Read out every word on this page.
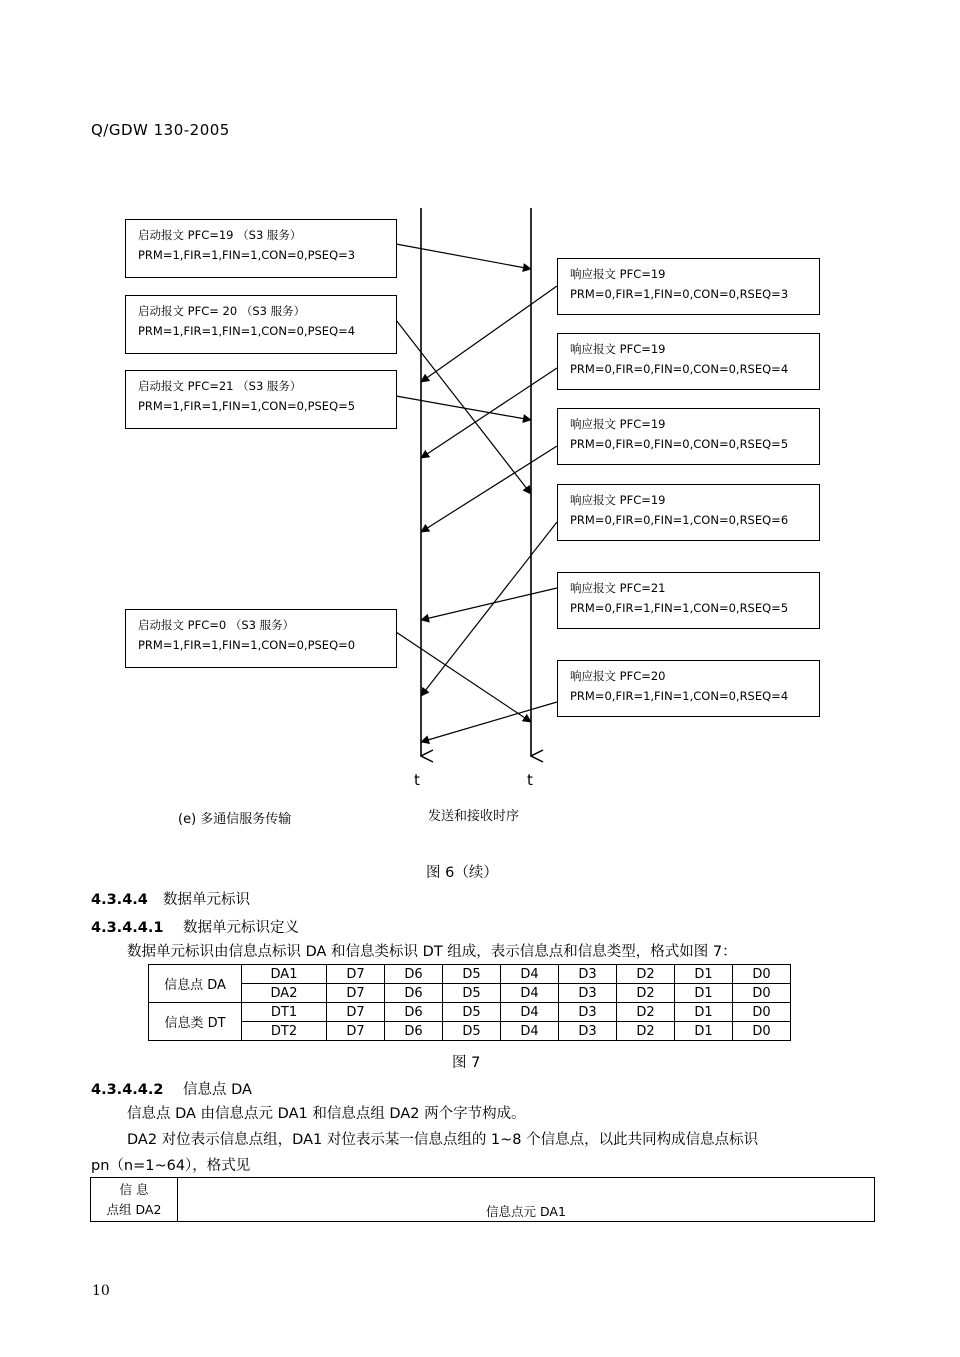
Q/GDW 130-2005
启动报文 PFC=19 （S3 服务）
PRM=1,FIR=1,FIN=1,CON=0,PSEQ=3
启动报文 PFC= 20 （S3 服务）
PRM=1,FIR=1,FIN=1,CON=0,PSEQ=4
启动报文 PFC=21 （S3 服务）
PRM=1,FIR=1,FIN=1,CON=0,PSEQ=5
启动报文 PFC=0 （S3 服务）
PRM=1,FIR=1,FIN=1,CON=0,PSEQ=0
响应报文 PFC=19
PRM=0,FIR=1,FIN=0,CON=0,RSEQ=3
响应报文 PFC=19
PRM=0,FIR=0,FIN=0,CON=0,RSEQ=4
响应报文 PFC=19
PRM=0,FIR=0,FIN=0,CON=0,RSEQ=5
响应报文 PFC=19
PRM=0,FIR=0,FIN=1,CON=0,RSEQ=6
响应报文 PFC=21
PRM=0,FIR=1,FIN=1,CON=0,RSEQ=5
响应报文 PFC=20
PRM=0,FIR=1,FIN=1,CON=0,RSEQ=4
t	t
(e) 多通信服务传输	发送和接收时序
图 6（续）
4.3.4.4 数据单元标识
4.3.4.4.1 数据单元标识定义
数据单元标识由信息点标识 DA 和信息类标识 DT 组成，表示信息点和信息类型，格式如图 7：
信息点 DA	DA1	D7	D6	D5	D4	D3	D2	D1	D0
	DA2	D7	D6	D5	D4	D3	D2	D1	D0
信息类 DT	DT1	D7	D6	D5	D4	D3	D2	D1	D0
	DT2	D7	D6	D5	D4	D3	D2	D1	D0
图 7
4.3.4.4.2 信息点 DA
信息点 DA 由信息点元 DA1 和信息点组 DA2 两个字节构成。
DA2 对位表示信息点组，DA1 对位表示某一信息点组的 1~8 个信息点，以此共同构成信息点标识
pn（n=1~64），格式见
信 息
点组 DA2	信息点元 DA1
10
